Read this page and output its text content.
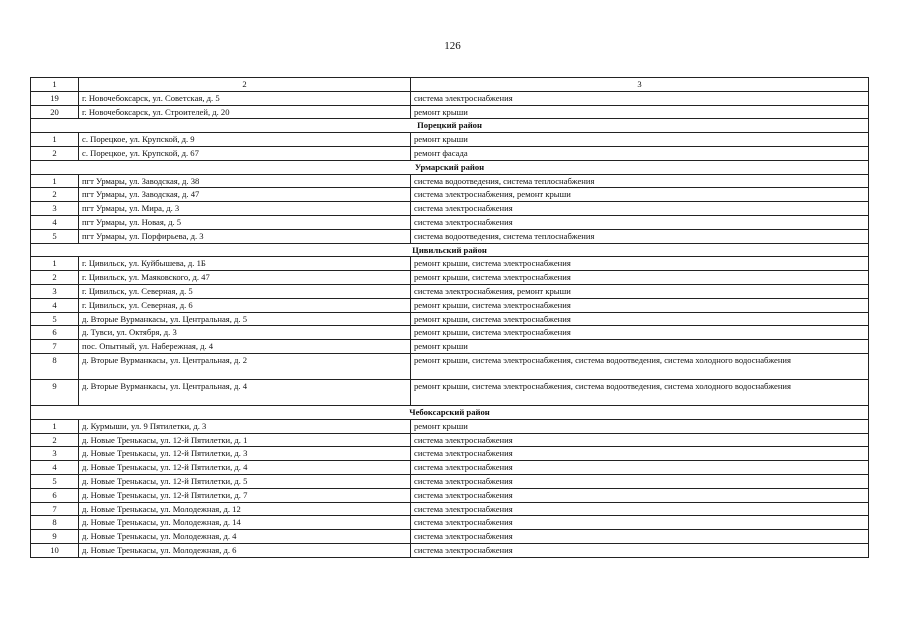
126
1	2	3
19	г. Новочебоксарск, ул. Советская, д. 5	система электроснабжения
20	г. Новочебоксарск, ул. Строителей, д. 20	ремонт крыши
Порецкий район		
1	с. Порецкое, ул. Крупской, д. 9	ремонт крыши
2	с. Порецкое, ул. Крупской, д. 67	ремонт фасада
Урмарский район		
1	пгт Урмары, ул. Заводская, д. 38	система водоотведения, система теплоснабжения
2	пгт Урмары, ул. Заводская, д. 47	система электроснабжения, ремонт крыши
3	пгт Урмары, ул. Мира, д. 3	система электроснабжения
4	пгт Урмары, ул. Новая, д. 5	система электроснабжения
5	пгт Урмары, ул. Порфирьева, д. 3	система водоотведения, система теплоснабжения
Цивильский район		
1	г. Цивильск, ул. Куйбышева, д. 1Б	ремонт крыши, система электроснабжения
2	г. Цивильск, ул. Маяковского, д. 47	ремонт крыши, система электроснабжения
3	г. Цивильск, ул. Северная, д. 5	система электроснабжения, ремонт крыши
4	г. Цивильск, ул. Северная, д. 6	ремонт крыши, система электроснабжения
5	д. Вторые Вурманкасы, ул. Центральная, д. 5	ремонт крыши, система электроснабжения
6	д. Тувси, ул. Октября, д. 3	ремонт крыши, система электроснабжения
7	пос. Опытный, ул. Набережная, д. 4	ремонт крыши
8	д. Вторые Вурманкасы, ул. Центральная, д. 2	ремонт крыши, система электроснабжения, система водоотведения, система холодного водоснабжения
9	д. Вторые Вурманкасы, ул. Центральная, д. 4	ремонт крыши, система электроснабжения, система водоотведения, система холодного водоснабжения
Чебоксарский район		
1	д. Курмыши, ул. 9 Пятилетки, д. 3	ремонт крыши
2	д. Новые Тренькасы, ул. 12-й Пятилетки, д. 1	система электроснабжения
3	д. Новые Тренькасы, ул. 12-й Пятилетки, д. 3	система электроснабжения
4	д. Новые Тренькасы, ул. 12-й Пятилетки, д. 4	система электроснабжения
5	д. Новые Тренькасы, ул. 12-й Пятилетки, д. 5	система электроснабжения
6	д. Новые Тренькасы, ул. 12-й Пятилетки, д. 7	система электроснабжения
7	д. Новые Тренькасы, ул. Молодежная, д. 12	система электроснабжения
8	д. Новые Тренькасы, ул. Молодежная, д. 14	система электроснабжения
9	д. Новые Тренькасы, ул. Молодежная, д. 4	система электроснабжения
10	д. Новые Тренькасы, ул. Молодежная, д. 6	система электроснабжения
